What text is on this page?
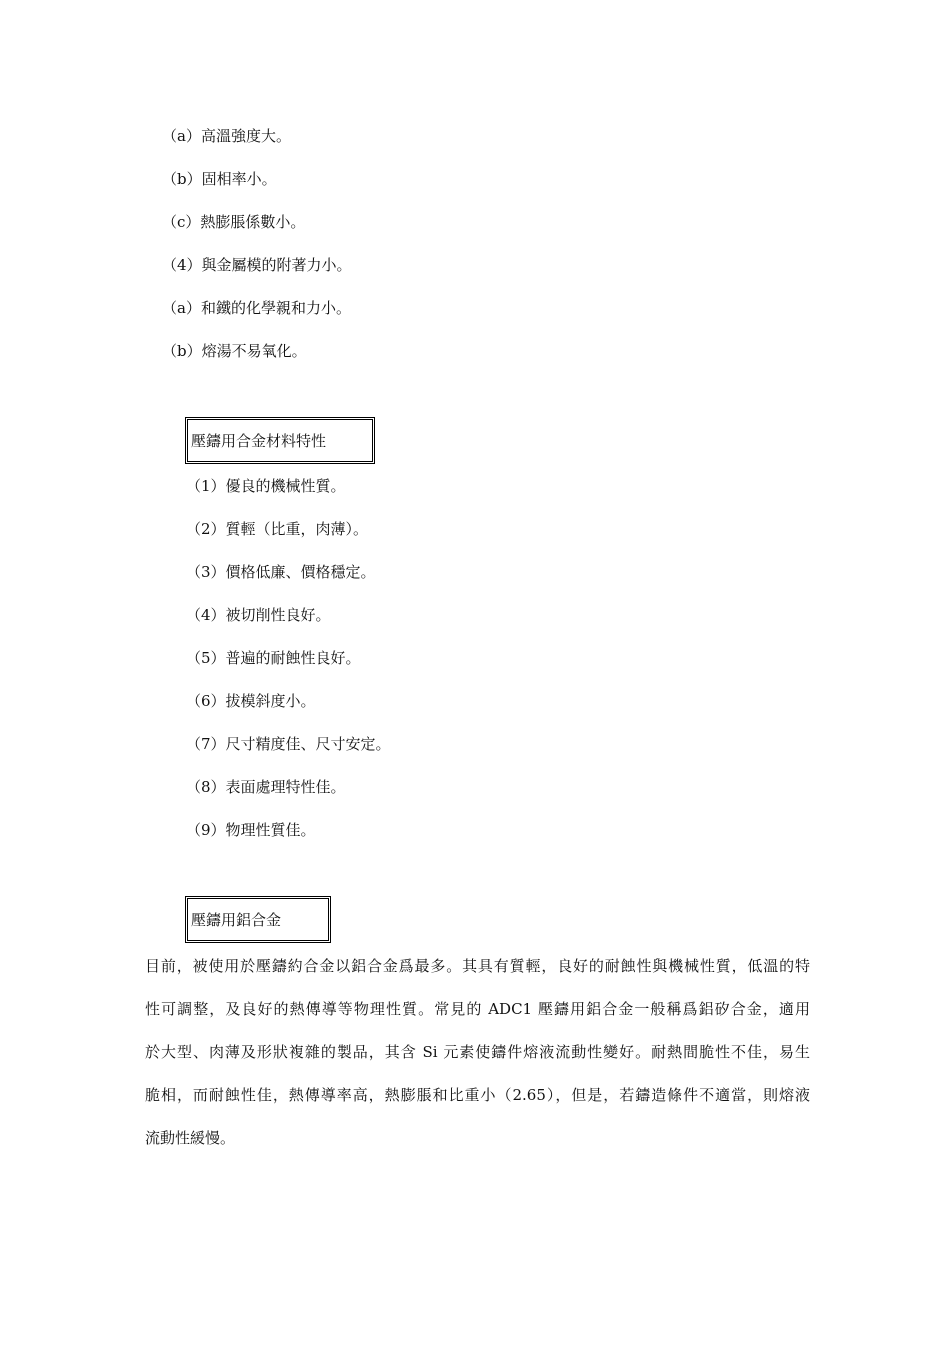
（a）高溫強度大。
（b）固相率小。
（c）熱膨脹係數小。
（4）與金屬模的附著力小。
（a）和鐵的化學親和力小。
（b）熔湯不易氧化。
壓鑄用合金材料特性
（1）優良的機械性質。
（2）質輕（比重，肉薄）。
（3）價格低廉、價格穩定。
（4）被切削性良好。
（5）普遍的耐蝕性良好。
（6）拔模斜度小。
（7）尺寸精度佳、尺寸安定。
（8）表面處理特性佳。
（9）物理性質佳。
壓鑄用鋁合金

目前，被使用於壓鑄約合金以鋁合金爲最多。其具有質輕，良好的耐蝕性與機械性質，低溫的特
性可調整，及良好的熱傳導等物理性質。常見的 ADC1 壓鑄用鋁合金一般稱爲鋁矽合金，適用
於大型、肉薄及形狀複雜的製品，其含 Si 元素使鑄件熔液流動性變好。耐熱間脆性不佳，易生
脆相，而耐蝕性佳，熱傳導率高，熱膨脹和比重小（2.65），但是，若鑄造條件不適當，則熔液
流動性緩慢。
